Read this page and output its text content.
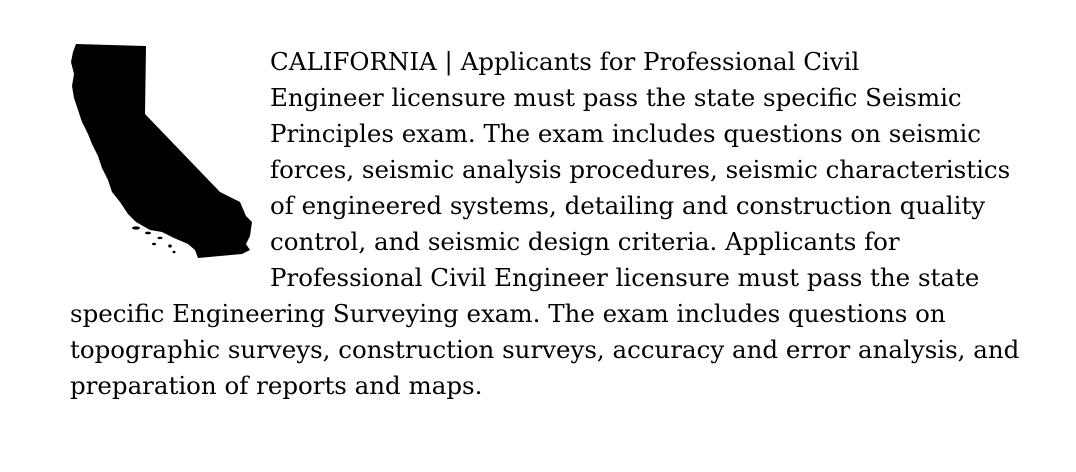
CALIFORNIA | Applicants for Professional Civil
Engineer licensure must pass the state specific Seismic
Principles exam. The exam includes questions on seismic
forces, seismic analysis procedures, seismic characteristics
of engineered systems, detailing and construction quality
control, and seismic design criteria. Applicants for
Professional Civil Engineer licensure must pass the state
specific Engineering Surveying exam. The exam includes questions on
topographic surveys, construction surveys, accuracy and error analysis, and
preparation of reports and maps.
